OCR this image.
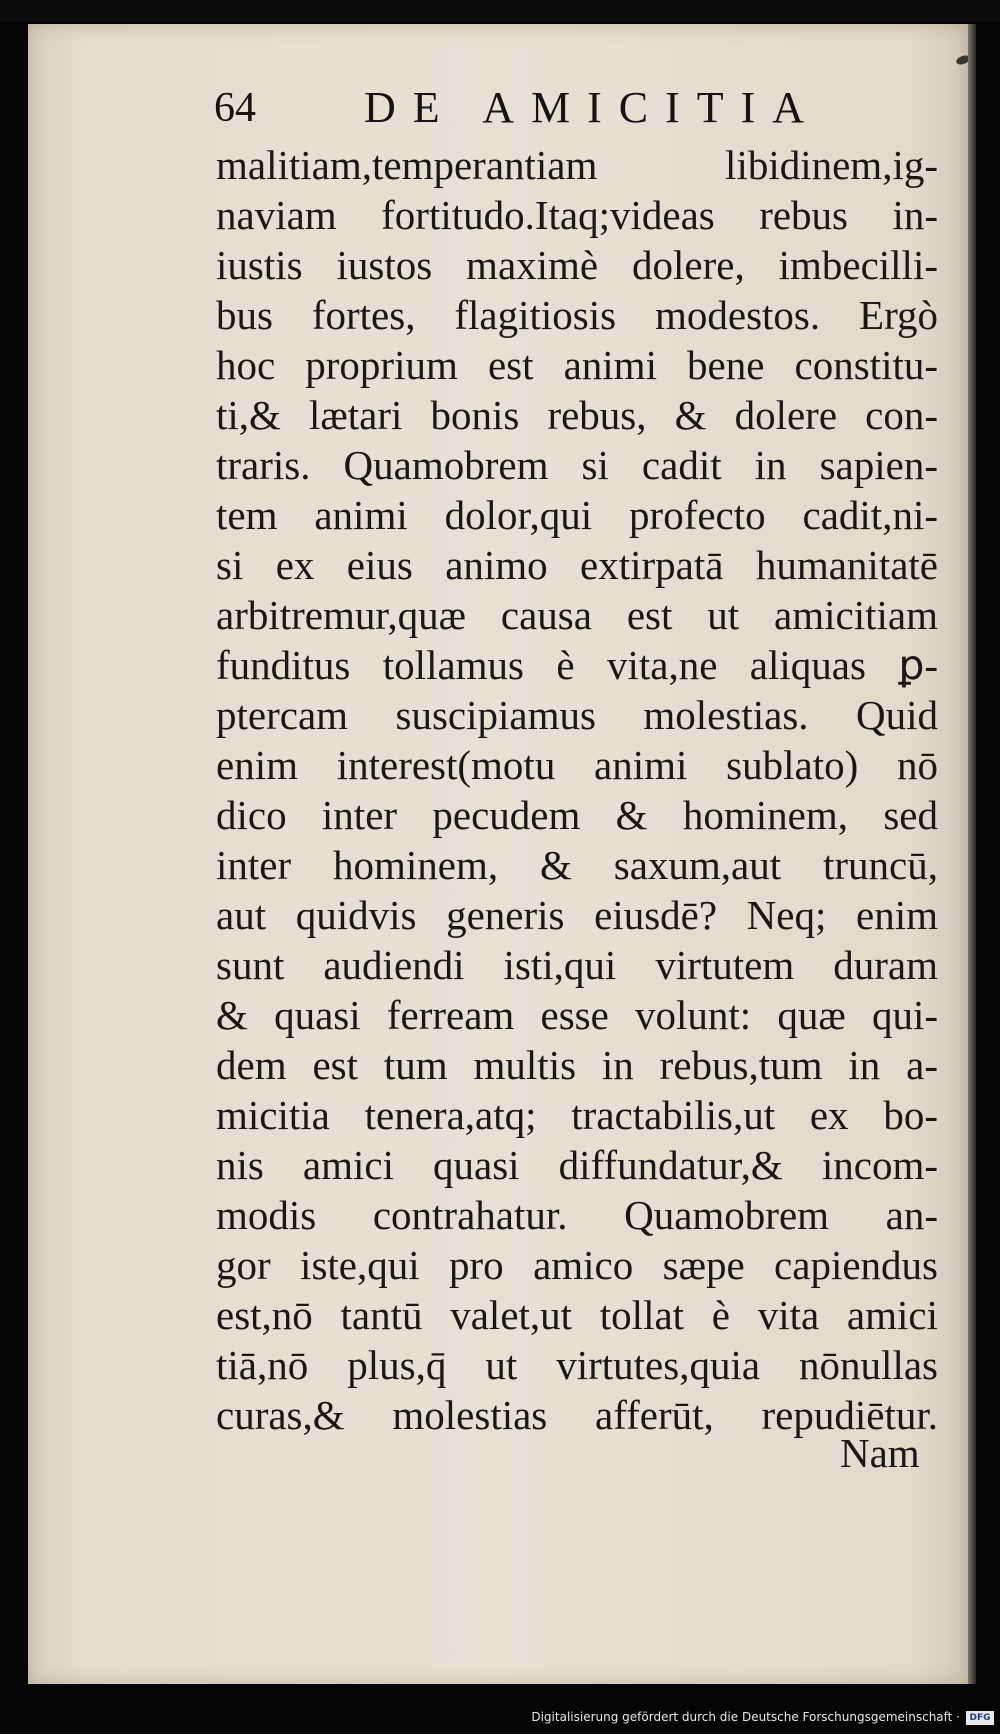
64 DE AMICITIA
malitiam,temperantiam libidinem,ig-
naviam fortitudo.Itaq;videas rebus in-
iustis iustos maximè dolere, imbecilli-
bus fortes, flagitiosis modestos. Ergò
hoc proprium est animi bene constitu-
ti,& lætari bonis rebus, & dolere con-
traris. Quamobrem si cadit in sapien-
tem animi dolor,qui profecto cadit,ni-
si ex eius animo extirpatā humanitatē
arbitremur,quæ causa est ut amicitiam
funditus tollamus è vita,ne aliquas ꝑ-
ptercam suscipiamus molestias. Quid
enim interest(motu animi sublato) nō
dico inter pecudem & hominem, sed
inter hominem, & saxum,aut truncū,
aut quidvis generis eiusdē? Neq; enim
sunt audiendi isti,qui virtutem duram
& quasi ferream esse volunt: quæ qui-
dem est tum multis in rebus,tum in a-
micitia tenera,atq; tractabilis,ut ex bo-
nis amici quasi diffundatur,& incom-
modis contrahatur. Quamobrem an-
gor iste,qui pro amico sæpe capiendus
est,nō tantū valet,ut tollat è vita amici
tiā,nō plus,q̄ ut virtutes,quia nōnullas
curas,& molestias afferūt, repudiētur.
Nam
Digitalisierung gefördert durch die Deutsche Forschungsgemeinschaft ·	DFG
